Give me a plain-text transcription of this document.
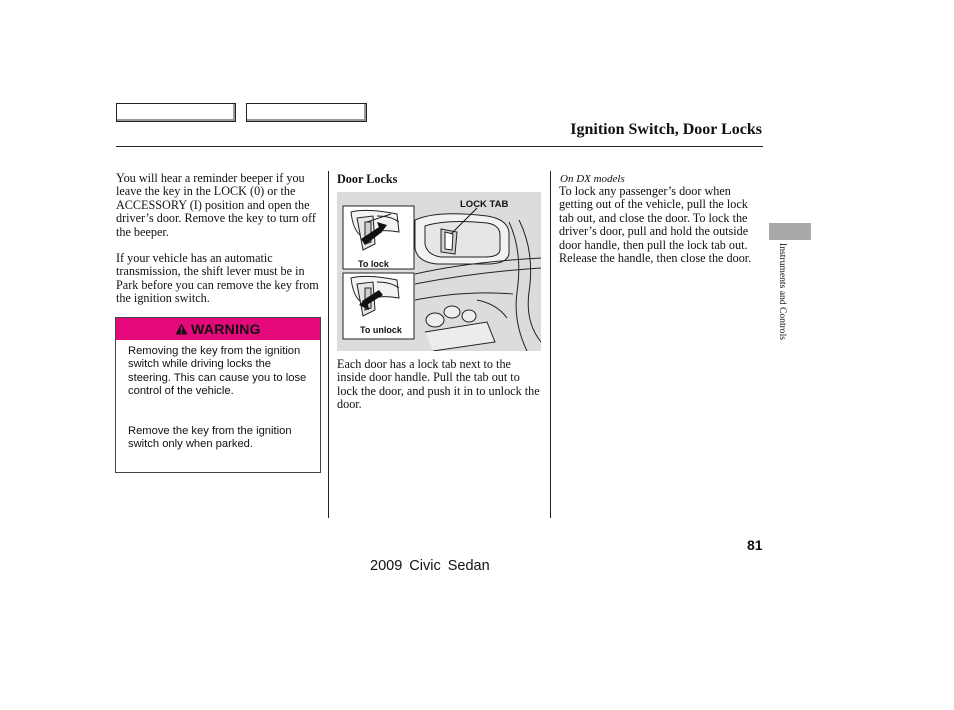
Ignition Switch, Door Locks

You will hear a reminder beeper if you leave the key in the LOCK (0) or the ACCESSORY (I) position and open the driver’s door. Remove the key to turn off the beeper.

If your vehicle has an automatic transmission, the shift lever must be in Park before you can remove the key from the ignition switch.

WARNING

Removing the key from the ignition switch while driving locks the steering. This can cause you to lose control of the vehicle.

Remove the key from the ignition switch only when parked.

Door Locks
LOCK TAB
To lock
To unlock

Each door has a lock tab next to the inside door handle. Pull the tab out to lock the door, and push it in to unlock the door.

On DX models

To lock any passenger’s door when getting out of the vehicle, pull the lock tab out, and close the door. To lock the driver’s door, pull and hold the outside door handle, then pull the lock tab out. Release the handle, then close the door.	Instruments and Controls

81

2009 Civic Sedan
